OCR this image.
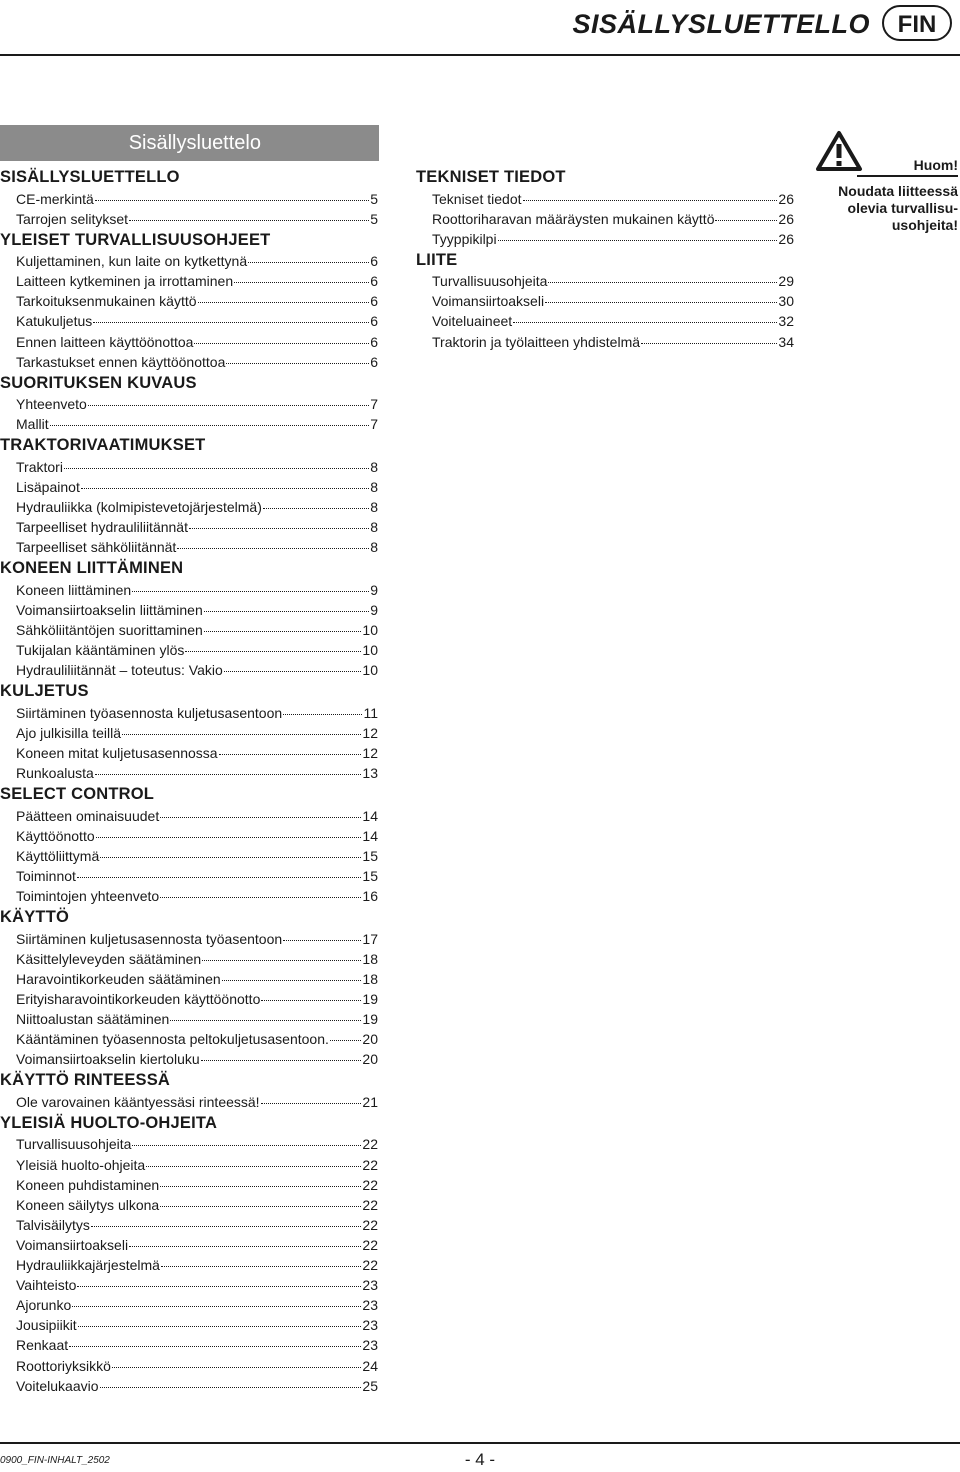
SISÄLLYSLUETTELLO	FIN
Sisällysluettelo
SISÄLLYSLUETTELLO
CE-merkintä	5
Tarrojen selitykset	5
YLEISET TURVALLISUUSOHJEET
Kuljettaminen, kun laite on kytkettynä	6
Laitteen kytkeminen ja irrottaminen	6
Tarkoituksenmukainen käyttö	6
Katukuljetus	6
Ennen laitteen käyttöönottoa	6
Tarkastukset ennen käyttöönottoa	6
SUORITUKSEN KUVAUS
Yhteenveto	7
Mallit	7
TRAKTORIVAATIMUKSET
Traktori	8
Lisäpainot	8
Hydrauliikka (kolmipistevetojärjestelmä)	8
Tarpeelliset hydrauliliitännät	8
Tarpeelliset sähköliitännät	8
KONEEN LIITTÄMINEN
Koneen liittäminen	9
Voimansiirtoakselin liittäminen	9
Sähköliitäntöjen suorittaminen	10
Tukijalan kääntäminen ylös	10
Hydrauliliitännät – toteutus: Vakio	10
KULJETUS
Siirtäminen työasennosta kuljetusasentoon	11
Ajo julkisilla teillä	12
Koneen mitat kuljetusasennossa	12
Runkoalusta	13
SELECT CONTROL
Päätteen ominaisuudet	14
Käyttöönotto	14
Käyttöliittymä	15
Toiminnot	15
Toimintojen yhteenveto	16
KÄYTTÖ
Siirtäminen kuljetusasennosta työasentoon	17
Käsittelyleveyden säätäminen	18
Haravointikorkeuden säätäminen	18
Erityisharavointikorkeuden käyttöönotto	19
Niittoalustan säätäminen	19
Kääntäminen työasennosta peltokuljetusasentoon. 20
Voimansiirtoakselin kiertoluku	20
KÄYTTÖ RINTEESSÄ
Ole varovainen kääntyessäsi rinteessä!	21
YLEISIÄ HUOLTO-OHJEITA
Turvallisuusohjeita	22
Yleisiä huolto-ohjeita	22
Koneen puhdistaminen	22
Koneen säilytys ulkona	22
Talvisäilytys	22
Voimansiirtoakseli	22
Hydrauliikkajärjestelmä	22
Vaihteisto	23
Ajorunko	23
Jousipiikit	23
Renkaat	23
Roottoriyksikkö	24
Voitelukaavio	25
TEKNISET TIEDOT
Tekniset tiedot	26
Roottoriharavan määräysten mukainen käyttö	26
Tyyppikilpi	26
LIITE
Turvallisuusohjeita	29
Voimansiirtoakseli	30
Voiteluaineet	32
Traktorin ja työlaitteen yhdistelmä	34
Huom!
Noudata liitteessä olevia turvallisu-usohjeita!
0900_FIN-INHALT_2502	- 4 -
